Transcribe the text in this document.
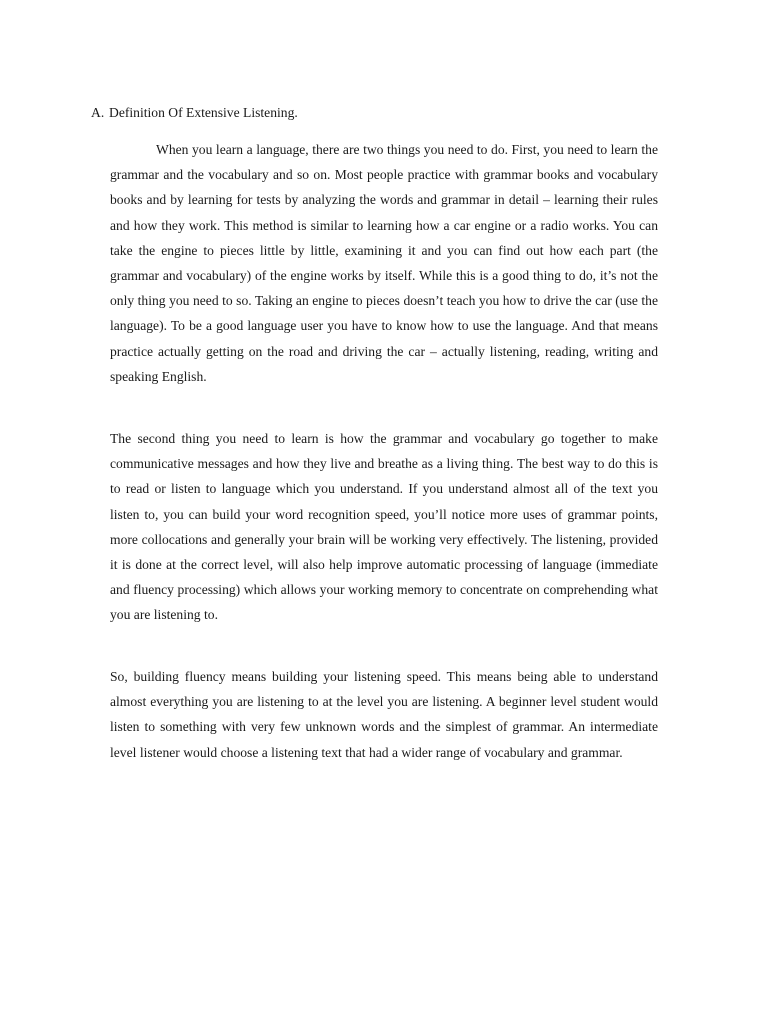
A. Definition Of Extensive Listening.

When you learn a language, there are two things you need to do. First, you need to learn the grammar and the vocabulary and so on. Most people practice with grammar books and vocabulary books and by learning for tests by analyzing the words and grammar in detail – learning their rules and how they work. This method is similar to learning how a car engine or a radio works. You can take the engine to pieces little by little, examining it and you can find out how each part (the grammar and vocabulary) of the engine works by itself. While this is a good thing to do, it’s not the only thing you need to so. Taking an engine to pieces doesn’t teach you how to drive the car (use the language). To be a good language user you have to know how to use the language. And that means practice actually getting on the road and driving the car – actually listening, reading, writing and speaking English.

The second thing you need to learn is how the grammar and vocabulary go together to make communicative messages and how they live and breathe as a living thing. The best way to do this is to read or listen to language which you understand. If you understand almost all of the text you listen to, you can build your word recognition speed, you’ll notice more uses of grammar points, more collocations and generally your brain will be working very effectively. The listening, provided it is done at the correct level, will also help improve automatic processing of language (immediate and fluency processing) which allows your working memory to concentrate on comprehending what you are listening to.

So, building fluency means building your listening speed. This means being able to understand almost everything you are listening to at the level you are listening. A beginner level student would listen to something with very few unknown words and the simplest of grammar. An intermediate level listener would choose a listening text that had a wider range of vocabulary and grammar.
